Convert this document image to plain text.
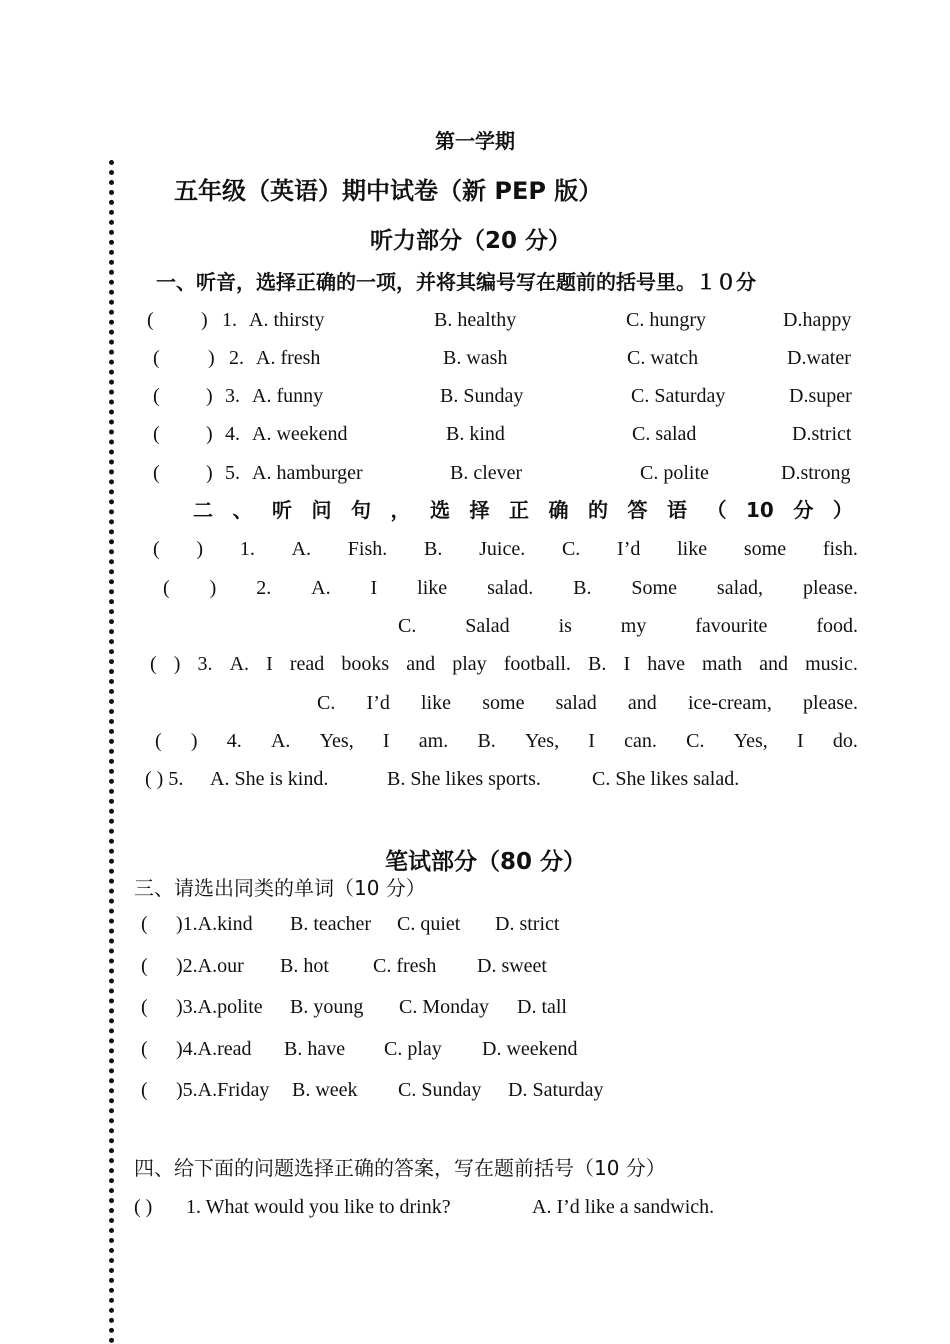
第一学期
五年级（英语）期中试卷（新 PEP 版）
听力部分（20 分）
一、听音，选择正确的一项，并将其编号写在题前的括号里。１０分
( ) 1. A. thirsty	B. healthy	C. hungry	D.happy
( ) 2. A. fresh	B. wash	C. watch	D.water
( ) 3. A. funny	B. Sunday	C. Saturday	D.super
( ) 4. A. weekend	B. kind	C. salad	D.strict
( ) 5. A. hamburger	B. clever	C. polite	D.strong
二 、 听 问 句 ， 选 择 正 确 的 答 语 （ 10 分 ）
( ) 1. A. Fish. B. Juice. C. I’d like some fish.
( ) 2. A. I like salad. B. Some salad, please.
C. Salad is my favourite food.
( ) 3. A. I read books and play football. B. I have math and music.
C. I’d like some salad and ice-cream, please.
( ) 4. A. Yes, I am. B. Yes, I can. C. Yes, I do.
( ) 5. A. She is kind.	B. She likes sports.	C. She likes salad.
笔试部分（80 分）
三、请选出同类的单词（10 分）
( )1.A.kind B. teacher C. quiet D. strict
( )2.A.our B. hot C. fresh D. sweet
( )3.A.polite B. young C. Monday D. tall
( )4.A.read B. have C. play D. weekend
( )5.A.Friday B. week C. Sunday D. Saturday
四、给下面的问题选择正确的答案，写在题前括号（10 分）
( ) 1. What would you like to drink?	A. I’d like a sandwich.
